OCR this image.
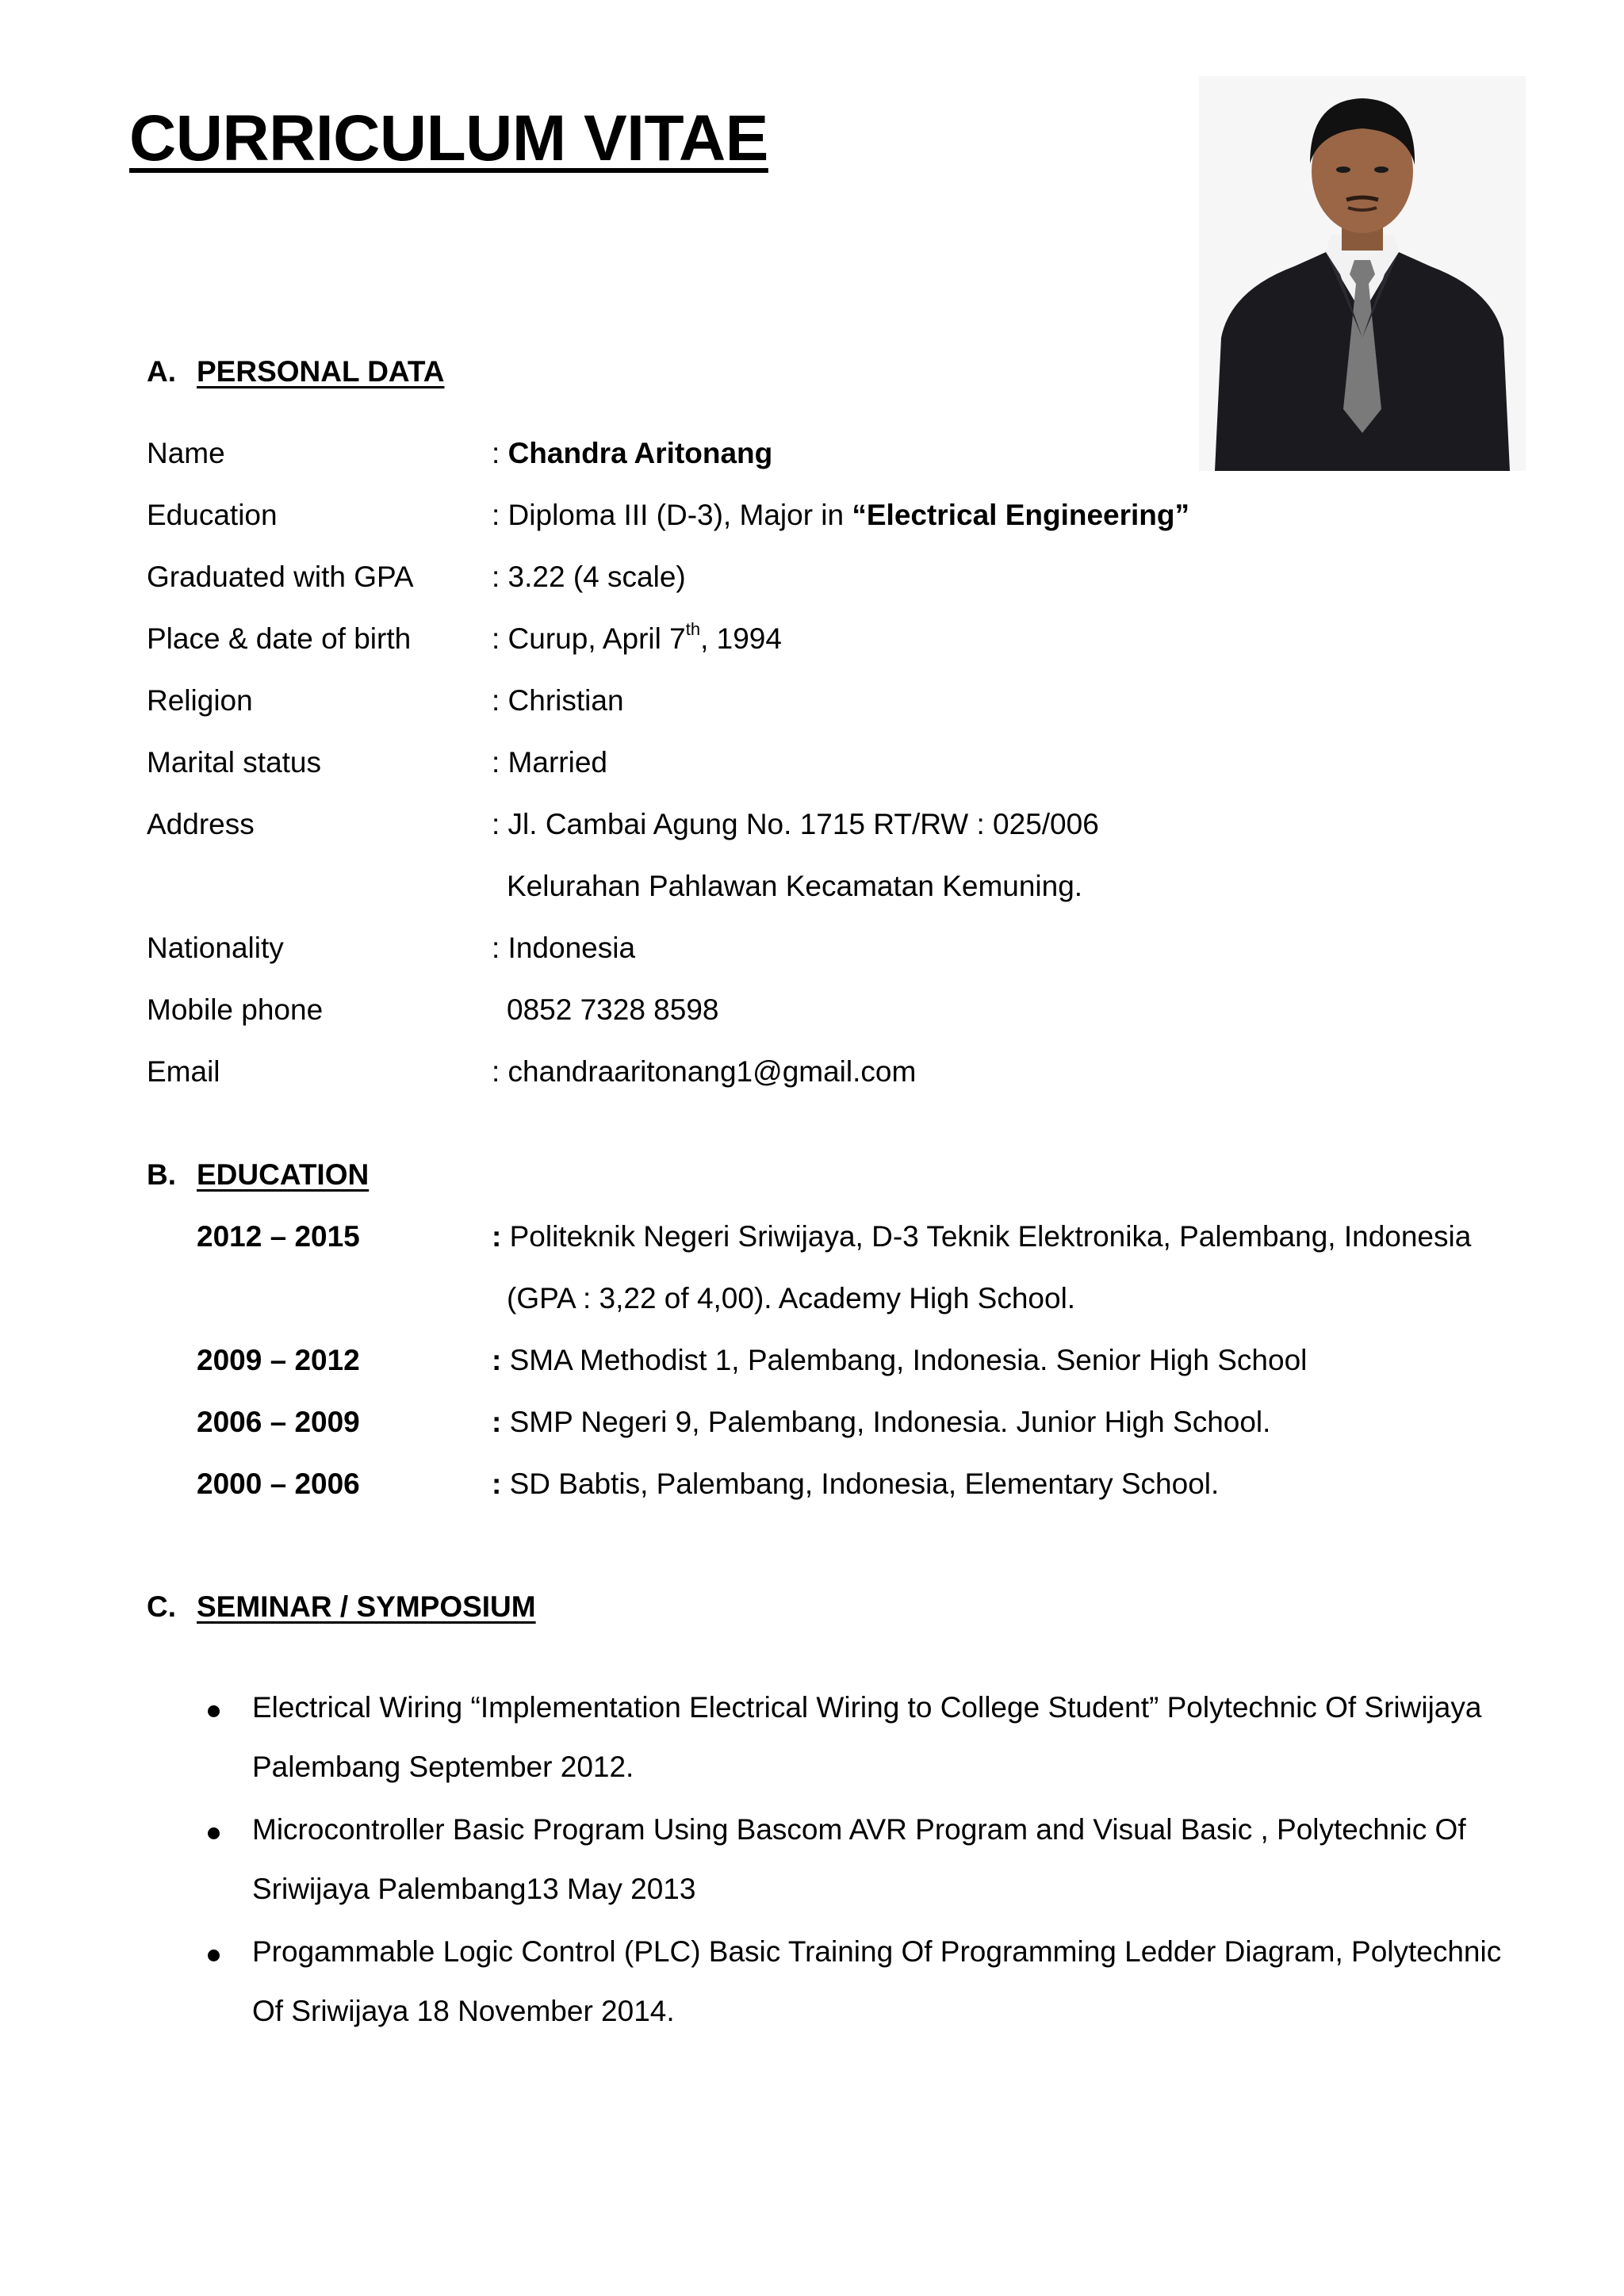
CURRICULUM VITAE
A. PERSONAL DATA
Name	: Chandra Aritonang
Education	: Diploma III (D-3), Major in “Electrical Engineering”
Graduated with GPA	: 3.22 (4 scale)
Place & date of birth	: Curup, April 7th, 1994
Religion	: Christian
Marital status	: Married
Address	: Jl. Cambai Agung No. 1715 RT/RW : 025/006
Kelurahan Pahlawan Kecamatan Kemuning.
Nationality	: Indonesia
Mobile phone	0852 7328 8598
Email	: chandraaritonang1@gmail.com
B. EDUCATION
2012 – 2015	: Politeknik Negeri Sriwijaya, D-3 Teknik Elektronika, Palembang, Indonesia
(GPA : 3,22 of 4,00). Academy High School.
2009 – 2012	: SMA Methodist 1, Palembang, Indonesia. Senior High School
2006 – 2009	: SMP Negeri 9, Palembang, Indonesia. Junior High School.
2000 – 2006	: SD Babtis, Palembang, Indonesia, Elementary School.
C. SEMINAR / SYMPOSIUM
Electrical Wiring “Implementation Electrical Wiring to College Student” Polytechnic Of Sriwijaya
Palembang September 2012.
Microcontroller Basic Program Using Bascom AVR Program and Visual Basic , Polytechnic Of
Sriwijaya Palembang13 May 2013
Progammable Logic Control (PLC) Basic Training Of Programming Ledder Diagram, Polytechnic
Of Sriwijaya 18 November 2014.
